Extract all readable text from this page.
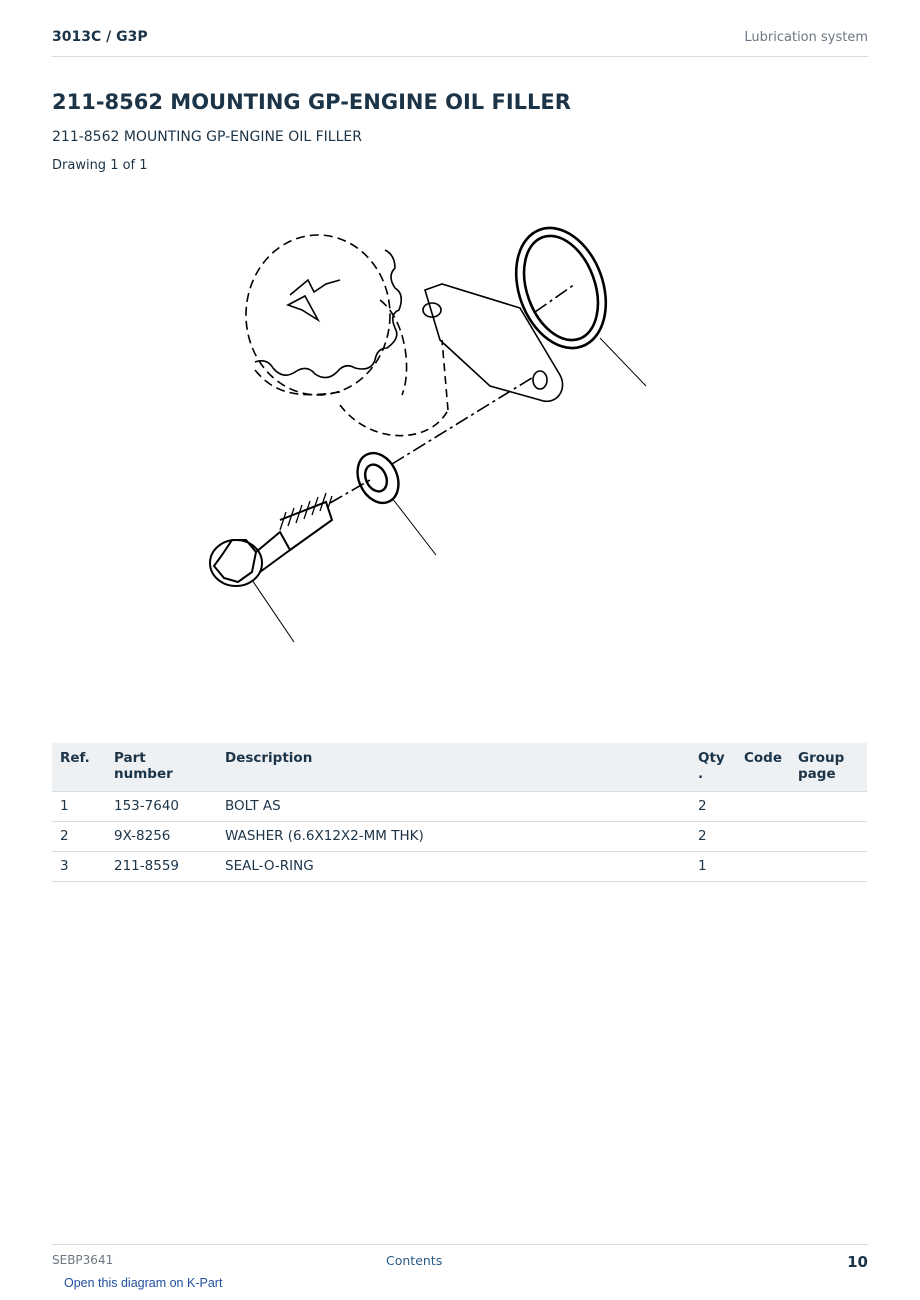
3013C / G3P	Lubrication system
211-8562 MOUNTING GP-ENGINE OIL FILLER
211-8562 MOUNTING GP-ENGINE OIL FILLER
Drawing 1 of 1
Ref.	Part number	Description	Qty .	Code	Group page
1	153-7640	BOLT AS	2		
2	9X-8256	WASHER (6.6X12X2-MM THK)	2		
3	211-8559	SEAL-O-RING	1		
SEBP3641	Contents	10
Open this diagram on K-Part
